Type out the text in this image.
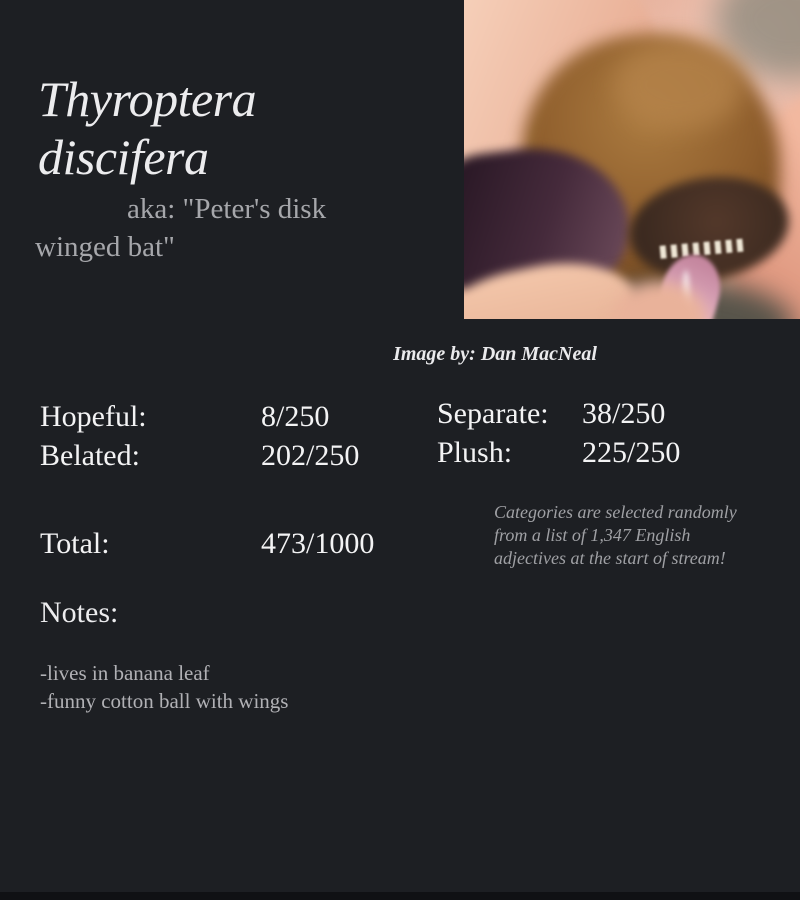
Thyroptera
discifera
aka: "Peter's disk winged bat"
Image by: Dan MacNeal
Hopeful:	8/250
Belated:	202/250
Separate: 38/250
Plush: 225/250
Total:	473/1000
Categories are selected randomly from a list of 1,347 English adjectives at the start of stream!
Notes:
-lives in banana leaf
-funny cotton ball with wings
